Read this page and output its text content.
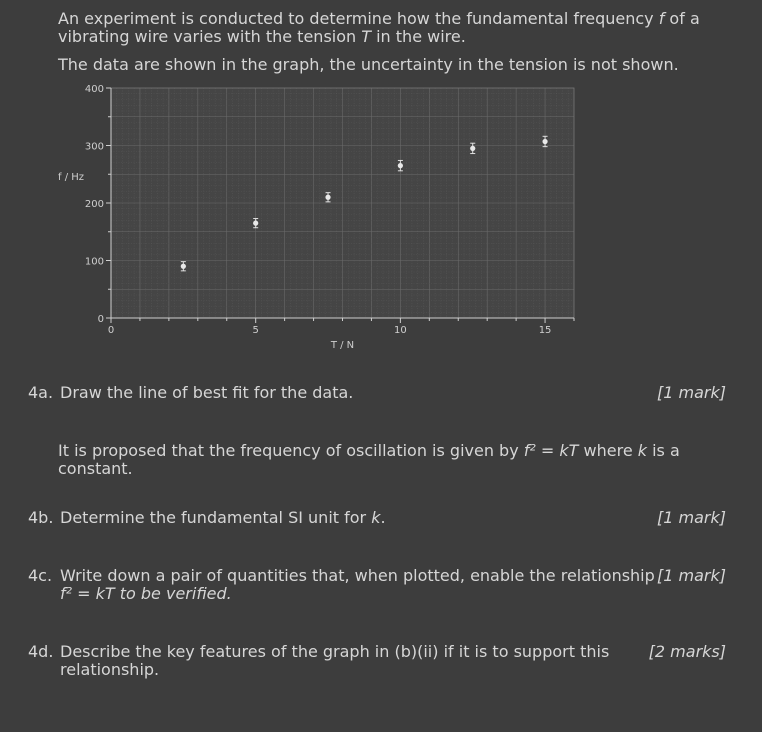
An experiment is conducted to determine how the fundamental frequency f of a vibrating wire varies with the tension T in the wire.

The data are shown in the graph, the uncertainty in the tension is not shown.

0
100
200
300
400
0	5	10	15
f / Hz
T / N
4a. Draw the line of best fit for the data.	[1 mark]
It is proposed that the frequency of oscillation is given by f² = kT where k is a
constant.
4b. Determine the fundamental SI unit for k.	[1 mark]
4c. Write down a pair of quantities that, when plotted, enable the relationship
f² = kT to be verified.
[1 mark]
4d. Describe the key features of the graph in (b)(ii) if it is to support this
relationship.
[2 marks]
